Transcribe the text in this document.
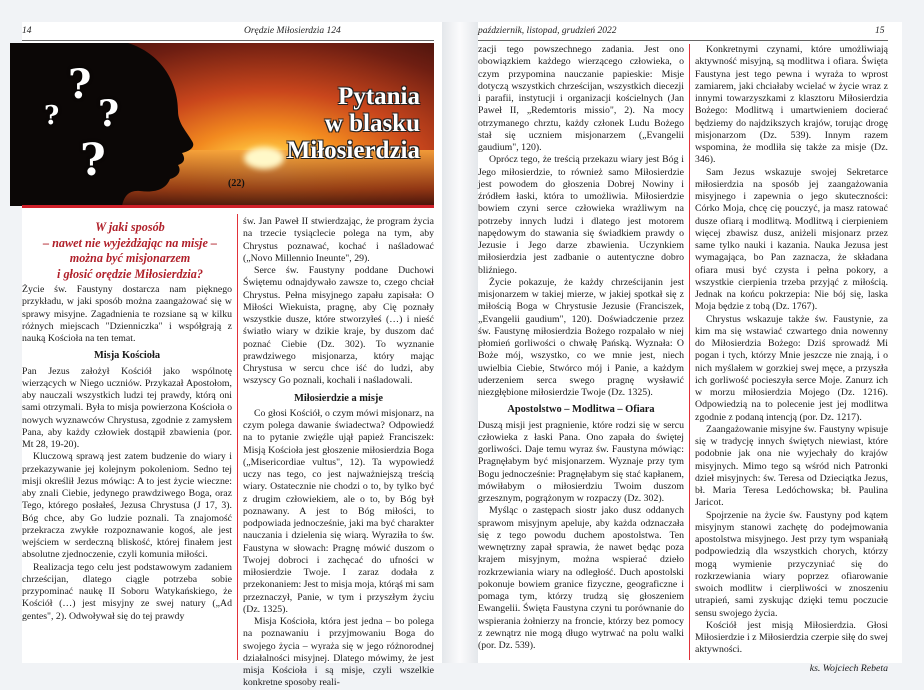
14	Orędzie Miłosierdzia 124
?
? ?
?
Pytania
w blasku
Miłosierdzia
(22)
W jaki sposób
– nawet nie wyjeżdżając na misje –
można być misjonarzem
i głosić orędzie Miłosierdzia?

Życie św. Faustyny dostarcza nam pięknego przykładu, w jaki sposób można zaangażować się w sprawy misyjne. Zagadnienia te rozsiane są w kilku różnych miejscach "Dzienniczka" i współgrają z nauką Kościoła na ten temat.

Misja Kościoła

Pan Jezus założył Kościół jako wspólnotę wierzących w Niego uczniów. Przykazał Apostołom, aby nauczali wszystkich ludzi tej prawdy, którą oni sami otrzymali. Była to misja powierzona Kościoła o nowych wyznawców Chrystusa, zgodnie z zamysłem Pana, aby każdy człowiek dostąpił zbawienia (por. Mt 28, 19-20).

Kluczową sprawą jest zatem budzenie do wiary i przekazywanie jej kolejnym pokoleniom. Sedno tej misji określił Jezus mówiąc: A to jest życie wieczne: aby znali Ciebie, jedynego prawdziwego Boga, oraz Tego, którego posłałeś, Jezusa Chrystusa (J 17, 3). Bóg chce, aby Go ludzie poznali. Ta znajomość przekracza zwykłe rozpoznawanie kogoś, ale jest wejściem w serdeczną bliskość, której finałem jest absolutne zjednoczenie, czyli komunia miłości.

Realizacja tego celu jest podstawowym zadaniem chrześcijan, dlatego ciągle potrzeba sobie przypominać naukę II Soboru Watykańskiego, że Kościół (…) jest misyjny ze swej natury („Ad gentes", 2). Odwoływał się do tej prawdy

św. Jan Paweł II stwierdzając, że program życia na trzecie tysiąclecie polega na tym, aby Chrystus poznawać, kochać i naśladować („Novo Millennio Ineunte", 29).

Serce św. Faustyny poddane Duchowi Świętemu odnajdywało zawsze to, czego chciał Chrystus. Pełna misyjnego zapału zapisała: O Miłości Wiekuista, pragnę, aby Cię poznały wszystkie dusze, które stworzyłeś (…) i nieść światło wiary w dzikie kraje, by duszom dać poznać Ciebie (Dz. 302). To wyznanie prawdziwego misjonarza, który mając Chrystusa w sercu chce iść do ludzi, aby wszyscy Go poznali, kochali i naśladowali.

Miłosierdzie a misje

Co głosi Kościół, o czym mówi misjonarz, na czym polega dawanie świadectwa? Odpowiedź na to pytanie zwięźle ujął papież Franciszek: Misją Kościoła jest głoszenie miłosierdzia Boga („Misericordiae vultus", 12). Ta wypowiedź uczy nas tego, co jest najważniejszą treścią wiary. Ostatecznie nie chodzi o to, by tylko być z drugim człowiekiem, ale o to, by Bóg był poznawany. A jest to Bóg miłości, to podpowiada jednocześnie, jaki ma być charakter nauczania i dzielenia się wiarą. Wyraziła to św. Faustyna w słowach: Pragnę mówić duszom o Twojej dobroci i zachęcać do ufności w miłosierdzie Twoje. I zaraz dodała z przekonaniem: Jest to misja moja, którąś mi sam przeznaczył, Panie, w tym i przyszłym życiu (Dz. 1325).

Misja Kościoła, która jest jedna – bo polega na poznawaniu i przyjmowaniu Boga do swojego życia – wyraża się w jego różnorodnej działalności misyjnej. Dlatego mówimy, że jest misja Kościoła i są misje, czyli wszelkie konkretne sposoby reali-

październik, listopad, grudzień 2022	15

zacji tego powszechnego zadania. Jest ono obowiązkiem każdego wierzącego człowieka, o czym przypomina nauczanie papieskie: Misje dotyczą wszystkich chrześcijan, wszystkich diecezji i parafii, instytucji i organizacji kościelnych (Jan Paweł II, „Redemtoris missio", 2). Na mocy otrzymanego chrztu, każdy członek Ludu Bożego stał się uczniem misjonarzem („Evangelii gaudium", 120).

Oprócz tego, że treścią przekazu wiary jest Bóg i Jego miłosierdzie, to również samo Miłosierdzie jest powodem do głoszenia Dobrej Nowiny i źródłem łaski, która to umożliwia. Miłosierdzie bowiem czyni serce człowieka wrażliwym na potrzeby innych ludzi i dlatego jest motorem napędowym do stawania się świadkiem prawdy o Jezusie i Jego darze zbawienia. Uczynkiem miłosierdzia jest zadbanie o autentyczne dobro bliźniego.

Życie pokazuje, że każdy chrześcijanin jest misjonarzem w takiej mierze, w jakiej spotkał się z miłością Boga w Chrystusie Jezusie (Franciszek, „Evangelii gaudium", 120). Doświadczenie przez św. Faustynę miłosierdzia Bożego rozpalało w niej płomień gorliwości o chwałę Pańską. Wyznała: O Boże mój, wszystko, co we mnie jest, niech uwielbia Ciebie, Stwórco mój i Panie, a każdym uderzeniem serca swego pragnę wysławić niezgłębione miłosierdzie Twoje (Dz. 1325).

Apostolstwo – Modlitwa – Ofiara

Duszą misji jest pragnienie, które rodzi się w sercu człowieka z łaski Pana. Ono zapała do świętej gorliwości. Daje temu wyraz św. Faustyna mówiąc: Pragnęłabym być misjonarzem. Wyznaje przy tym Bogu jednocześnie: Pragnęłabym się stać kapłanem, mówiłabym o miłosierdziu Twoim duszom grzesznym, pogrążonym w rozpaczy (Dz. 302).

Myśląc o zastępach siostr jako dusz oddanych sprawom misyjnym apeluje, aby każda odznaczała się z tego powodu duchem apostolstwa. Ten wewnętrzny zapał sprawia, że nawet będąc poza krajem misyjnym, można wspierać dzieło rozkrzewiania wiary na odległość. Duch apostolski pokonuje bowiem granice fizyczne, geograficzne i pomaga tym, którzy trudzą się głoszeniem Ewangelii. Święta Faustyna czyni tu porównanie do wspierania żołnierzy na froncie, którzy bez pomocy z zewnątrz nie mogą długo wytrwać na polu walki (por. Dz. 539).

Konkretnymi czynami, które umożliwiają aktywność misyjną, są modlitwa i ofiara. Święta Faustyna jest tego pewna i wyraża to wprost zamiarem, jaki chciałaby wcielać w życie wraz z innymi towarzyszkami z klasztoru Miłosierdzia Bożego: Modlitwą i umartwieniem docierać będziemy do najdzikszych krajów, torując drogę misjonarzom (Dz. 539). Innym razem wspomina, że modliła się także za misje (Dz. 346).

Sam Jezus wskazuje swojej Sekretarce miłosierdzia na sposób jej zaangażowania misyjnego i zapewnia o jego skuteczności: Córko Moja, chcę cię pouczyć, ja masz ratować dusze ofiarą i modlitwą. Modlitwą i cierpieniem więcej zbawisz dusz, aniżeli misjonarz przez same tylko nauki i kazania. Nauka Jezusa jest wymagająca, bo Pan zaznacza, że składana ofiara musi być czysta i pełna pokory, a wszystkie cierpienia trzeba przyjąć z miłością. Jednak na końcu pokrzepia: Nie bój się, laska Moja będzie z tobą (Dz. 1767).

Chrystus wskazuje także św. Faustynie, za kim ma się wstawiać czwartego dnia nowenny do Miłosierdzia Bożego: Dziś sprowadź Mi pogan i tych, którzy Mnie jeszcze nie znają, i o nich myślałem w gorzkiej swej męce, a przyszła ich gorliwość pocieszyła serce Moje. Zanurz ich w morzu miłosierdzia Mojego (Dz. 1216). Odpowiedzią na to polecenie jest jej modlitwa zgodnie z podaną intencją (por. Dz. 1217).

Zaangażowanie misyjne św. Faustyny wpisuje się w tradycję innych świętych niewiast, które podobnie jak ona nie wyjechały do krajów misyjnych. Mimo tego są wśród nich Patronki dzieł misyjnych: św. Teresa od Dzieciątka Jezus, bł. Maria Teresa Ledóchowska; bł. Paulina Jaricot.

Spojrzenie na życie św. Faustyny pod kątem misyjnym stanowi zachętę do podejmowania apostolstwa misyjnego. Jest przy tym wspaniałą podpowiedzią dla wszystkich chorych, którzy mogą wymienie przyczyniać się do rozkrzewiania wiary poprzez ofiarowanie swoich modlitw i cierpliwości w znoszeniu utrapień, sami zyskując dzięki temu poczucie sensu swojego życia.

Kościół jest misją Miłosierdzia. Głosi Miłosierdzie i z Miłosierdzia czerpie siłę do swej aktywności.

ks. Wojciech Rebeta
